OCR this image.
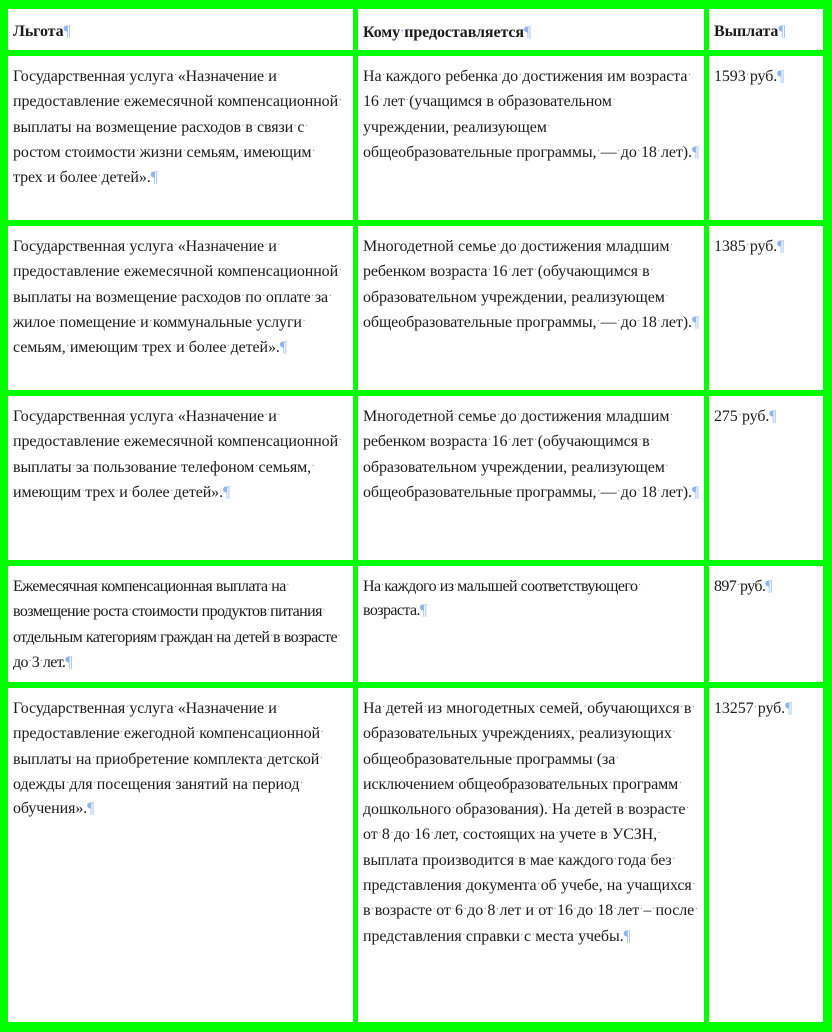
Льгота¶	Кому·предоставляется¶	Выплата¶
Государственная·услуга·«Назначение·и·предоставление·ежемесячной·компенсационной·выплаты·на·возмещение·расходов·в·связи·с·ростом·стоимости·жизни·семьям,·имеющим·трех·и·более·детей».¶
На·каждого·ребенка·до·достижения·им·возраста·16·лет·(учащимся·в·образовательном·учреждении,·реализующем·общеобразовательные·программы,·—·до·18·лет).¶
1593·руб.¶
Государственная·услуга·«Назначение·и·предоставление·ежемесячной·компенсационной·выплаты·на·возмещение·расходов·по·оплате·за·жилое·помещение·и·коммунальные·услуги·семьям,·имеющим·трех·и·более·детей».¶
Многодетной·семье·до·достижения·младшим·ребенком·возраста·16·лет·(обучающимся·в·образовательном·учреждении,·реализующем·общеобразовательные·программы,·—·до·18·лет).¶
1385·руб.¶
Государственная·услуга·«Назначение·и·предоставление·ежемесячной·компенсационной·выплаты·за·пользование·телефоном·семьям,·имеющим·трех·и·более·детей».¶
Многодетной·семье·до·достижения·младшим·ребенком·возраста·16·лет·(обучающимся·в·образовательном·учреждении,·реализующем·общеобразовательные·программы,·—·до·18·лет).¶
275·руб.¶
Ежемесячная·компенсационная·выплата·на·возмещение·роста·стоимости·продуктов·питания·отдельным·категориям·граждан·на·детей·в·возрасте·до·3·лет.¶
На·каждого·из·малышей·соответствующего·возраста.¶
897·руб.¶
Государственная·услуга·«Назначение·и·предоставление·ежегодной·компенсационной·выплаты·на·приобретение·комплекта·детской·одежды·для·посещения·занятий·на·период·обучения».¶
На·детей·из·многодетных·семей,·обучающихся·в·образовательных·учреждениях,·реализующих·общеобразовательные·программы·(за·исключением·общеобразовательных·программ·дошкольного·образования).·На·детей·в·возрасте·от·8·до·16·лет,·состоящих·на·учете·в·УСЗН,·выплата·производится·в·мае·каждого·года·без·представления·документа·об·учебе,·на·учащихся·в·возрасте·от·6·до·8·лет·и·от·16·до·18·лет·–·после·представления·справки·с·места·учебы.¶
13257·руб.¶
